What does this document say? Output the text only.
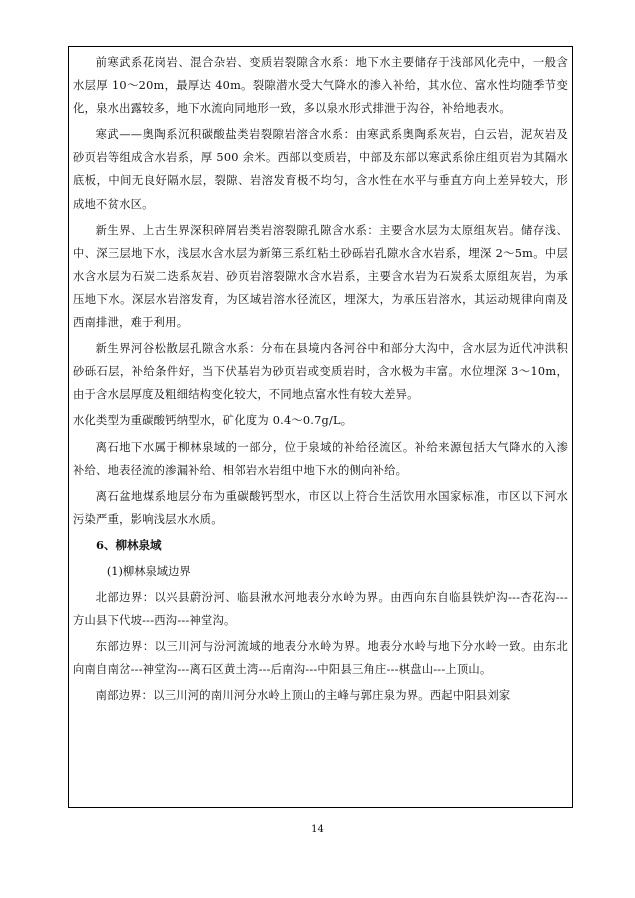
前寒武系花岗岩、混合杂岩、变质岩裂隙含水系：地下水主要储存于浅部风化壳中，一般含水层厚 10～20m，最厚达 40m。裂隙潜水受大气降水的渗入补给，其水位、富水性均随季节变化，泉水出露较多，地下水流向同地形一致，多以泉水形式排泄于沟谷，补给地表水。

寒武——奥陶系沉积碳酸盐类岩裂隙岩溶含水系：由寒武系奥陶系灰岩，白云岩，泥灰岩及砂页岩等组成含水岩系，厚 500 余米。西部以变质岩，中部及东部以寒武系徐庄组页岩为其隔水底板，中间无良好隔水层，裂隙、岩溶发育极不均匀，含水性在水平与垂直方向上差异较大，形成地不贫水区。

新生界、上古生界深积碎屑岩类岩溶裂隙孔隙含水系：主要含水层为太原组灰岩。储存浅、中、深三层地下水，浅层水含水层为新第三系红粘土砂砾岩孔隙水含水岩系，埋深 2～5m。中层水含水层为石炭二迭系灰岩、砂页岩溶裂隙水含水岩系，主要含水岩为石炭系太原组灰岩，为承压地下水。深层水岩溶发育，为区域岩溶水径流区，埋深大，为承压岩溶水，其运动规律向南及西南排泄，难于利用。

新生界河谷松散层孔隙含水系：分布在县境内各河谷中和部分大沟中，含水层为近代冲洪积砂砾石层，补给条件好，当下伏基岩为砂页岩或变质岩时，含水极为丰富。水位埋深 3～10m，由于含水层厚度及粗细结构变化较大，不同地点富水性有较大差异。

水化类型为重碳酸钙纳型水，矿化度为 0.4～0.7g/L。

离石地下水属于柳林泉域的一部分，位于泉域的补给径流区。补给来源包括大气降水的入渗补给、地表径流的渗漏补给、相邻岩水岩组中地下水的侧向补给。

离石盆地煤系地层分布为重碳酸钙型水，市区以上符合生活饮用水国家标准，市区以下河水污染严重，影响浅层水水质。

6、柳林泉域

(1)柳林泉域边界

北部边界：以兴县蔚汾河、临县湫水河地表分水岭为界。由西向东自临县铁炉沟---杏花沟---方山县下代坡---西沟---神堂沟。

东部边界：以三川河与汾河流域的地表分水岭为界。地表分水岭与地下分水岭一致。由东北向南自南岔---神堂沟---离石区黄土湾---后南沟---中阳县三角庄---棋盘山---上顶山。

南部边界：以三川河的南川河分水岭上顶山的主峰与郭庄泉为界。西起中阳县刘家

14
